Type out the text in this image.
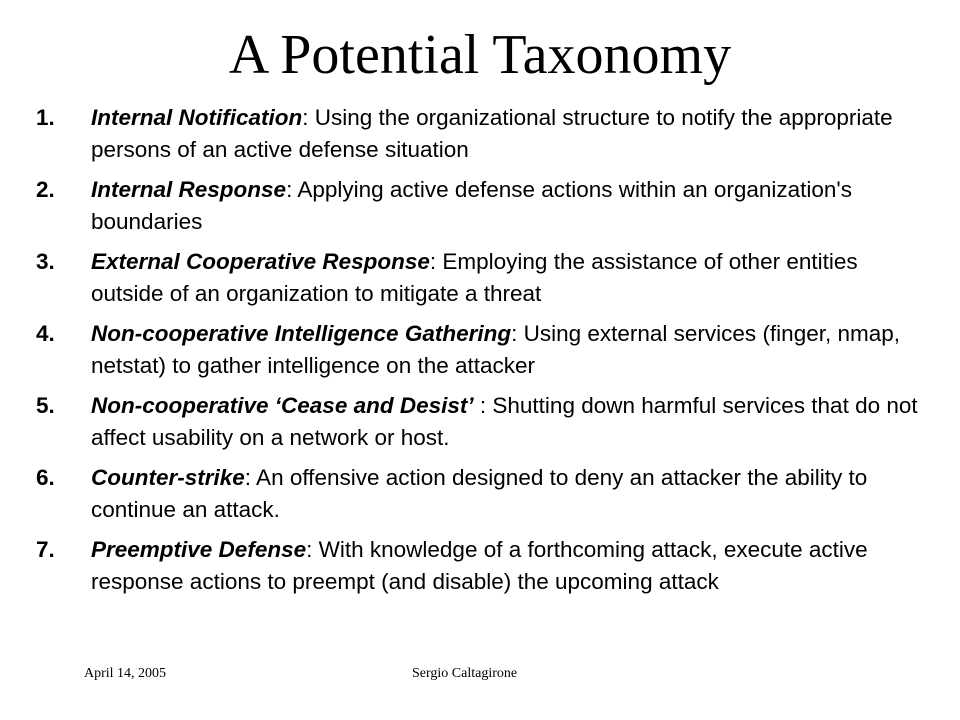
A Potential Taxonomy
1. Internal Notification: Using the organizational structure to notify the appropriate persons of an active defense situation
2. Internal Response: Applying active defense actions within an organization's boundaries
3. External Cooperative Response: Employing the assistance of other entities outside of an organization to mitigate a threat
4. Non-cooperative Intelligence Gathering: Using external services (finger, nmap, netstat) to gather intelligence on the attacker
5. Non-cooperative ‘Cease and Desist’ : Shutting down harmful services that do not affect usability on a network or host.
6. Counter-strike: An offensive action designed to deny an attacker the ability to continue an attack.
7. Preemptive Defense: With knowledge of a forthcoming attack, execute active response actions to preempt (and disable) the upcoming attack
April 14, 2005	Sergio Caltagirone
